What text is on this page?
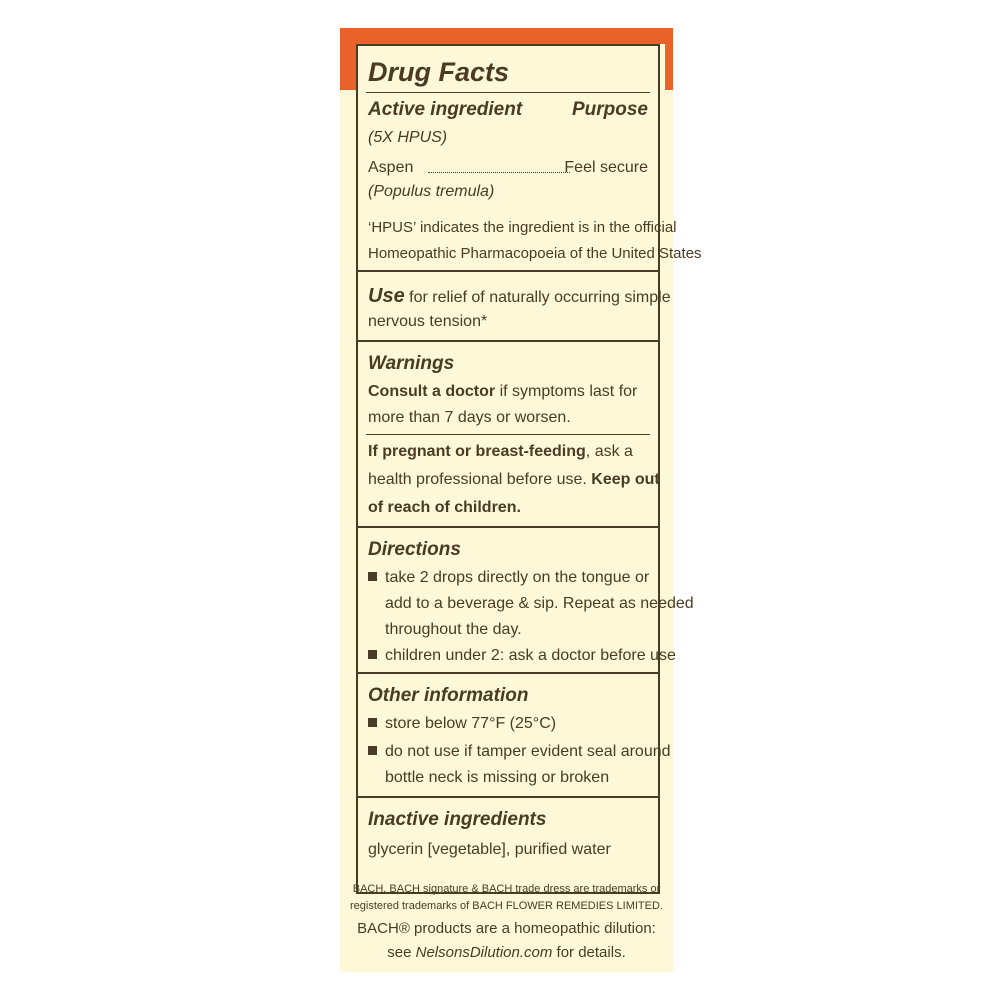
Drug Facts
Active ingredient	Purpose
(5X HPUS)
Aspen	Feel secure
(Populus tremula)
‘HPUS’ indicates the ingredient is in the official
Homeopathic Pharmacopoeia of the United States
Use for relief of naturally occurring simple
nervous tension*
Warnings
Consult a doctor if symptoms last for
more than 7 days or worsen.
If pregnant or breast-feeding, ask a
health professional before use. Keep out
of reach of children.
Directions
take 2 drops directly on the tongue or
add to a beverage & sip. Repeat as needed
throughout the day.
children under 2: ask a doctor before use
Other information
store below 77°F (25°C)
do not use if tamper evident seal around
bottle neck is missing or broken
Inactive ingredients
glycerin [vegetable], purified water
BACH, BACH signature & BACH trade dress are trademarks or
registered trademarks of BACH FLOWER REMEDIES LIMITED.
BACH® products are a homeopathic dilution:
see NelsonsDilution.com for details.
